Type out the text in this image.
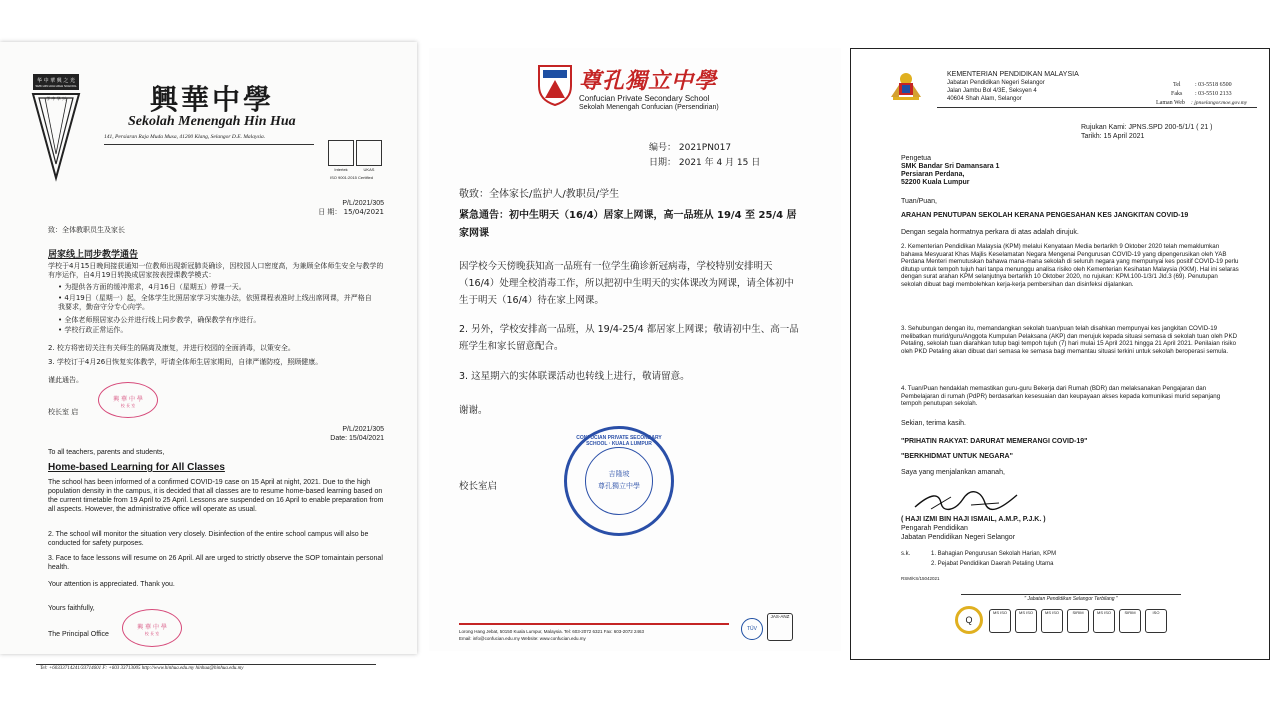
华 中 華 興 之 光
SMK HIN HUA HIGH SCHOOL
学 中 华 兴	興華中學
Sekolah Menengah Hin Hua
141, Persiaran Raja Muda Musa, 41200 Klang, Selangor D.E. Malaysia.
Intertek	UKAS
ISO 9001:2015 Certified
P/L/2021/305
日 期： 15/04/2021
致：全体教职员生及家长
居家线上同步教学通告
学校于4月15日晚间接获通知一位教师出现新冠肺炎确诊，因校园人口密度高，为兼顾全体师生安全与教学的有序运作，自4月19日转换成居家按表授课教学模式：
• 为提供各方面的缓冲需求，4月16日（星期五）停课一天。
• 4月19日（星期一）起，全体学生比照居家学习实施办法，依照课程表准时上线出席网课，并严格自我要求，勤奋守分专心向学。
• 全体老师照居家办公并进行线上同步教学，确保教学有序进行。
• 学校行政正常运作。
2. 校方将密切关注有关师生的隔离及康复，并进行校园的全面消毒，以策安全。
3. 学校订于4月26日恢复实体教学，吁请全体师生居家期间，自律严谨防疫，照顾健康。
谨此通告。
興 華 中 學
校 長 室
校长室 启
P/L/2021/305
Date: 15/04/2021
To all teachers, parents and students,
Home-based Learning for All Classes
The school has been informed of a confirmed COVID-19 case on 15 April at night, 2021. Due to the high population density in the campus, it is decided that all classes are to resume home-based learning based on the current timetable from 19 April to 25 April. Lessons are suspended on 16 April to enable preparation from all aspects. However, the administrative office will operate as usual.
2. The school will monitor the situation very closely. Disinfection of the entire school campus will also be conducted for safety purposes.
3. Face to face lessons will resume on 26 April. All are urged to strictly observe the SOP tomaintain personal health.
Your attention is appreciated. Thank you.
Yours faithfully,
興 華 中 學
校 長 室
The Principal Office
Tel: +60333714241/33714601 F: +603 33713005 http://www.hinhua.edu.my hinhua@hinhua.edu.my
尊孔獨立中學
Confucian Private Secondary School
Sekolah Menengah Confucian (Persendirian)
编号： 2021PN017
日期： 2021 年 4 月 15 日
敬致：全体家长/监护人/教职员/学生
紧急通告：初中生明天（16/4）居家上网课，高一品班从 19/4 至 25/4 居家网课
因学校今天傍晚获知高一品班有一位学生确诊新冠病毒，学校特别安排明天（16/4）处理全校消毒工作，所以把初中生明天的实体课改为网课，请全体初中生于明天（16/4）待在家上网课。
2. 另外，学校安排高一品班，从 19/4-25/4 都居家上网课；敬请初中生、高一品班学生和家长留意配合。
3. 这星期六的实体联课活动也转线上进行，敬请留意。
谢谢。
CONFUCIAN PRIVATE SECONDARY SCHOOL · KUALA LUMPUR
吉隆坡
尊孔獨立中學
校长室启
Lorong Hang Jebat, 50150 Kuala Lumpur, Malaysia. Tel: 603-2072 6321 Fax: 603-2072 2463
Email: info@confucian.edu.my Website: www.confucian.edu.my
TÜV
JAS-ANZ
KEMENTERIAN PENDIDIKAN MALAYSIA
Jabatan Pendidikan Negeri Selangor
Jalan Jambu Bol 4/3E, Seksyen 4
40604 Shah Alam, Selangor
Tel : 03-5518 6500
Faks : 03-5510 2133
Laman Web : jpnselangor.moe.gov.my
Rujukan Kami: JPNS.SPD 200-5/1/1 ( 21 )
Tarikh: 15 April 2021
Pengetua
SMK Bandar Sri Damansara 1
Persiaran Perdana,
52200 Kuala Lumpur
Tuan/Puan,
ARAHAN PENUTUPAN SEKOLAH KERANA PENGESAHAN KES JANGKITAN COVID-19
Dengan segala hormatnya perkara di atas adalah dirujuk.
2. Kementerian Pendidikan Malaysia (KPM) melalui Kenyataan Media bertarikh 9 Oktober 2020 telah memaklumkan bahawa Mesyuarat Khas Majlis Keselamatan Negara Mengenai Pengurusan COVID-19 yang dipengerusikan oleh YAB Perdana Menteri memutuskan bahawa mana-mana sekolah di seluruh negara yang mempunyai kes positif COVID-19 perlu ditutup untuk tempoh tujuh hari tanpa menunggu analisa risiko oleh Kementerian Kesihatan Malaysia (KKM). Hal ini selaras dengan surat arahan KPM selanjutnya bertarikh 10 Oktober 2020, no rujukan: KPM.100-1/3/1 Jld.3 (69). Penutupan sekolah dibuat bagi membolehkan kerja-kerja pembersihan dan disinfeksi dijalankan.
3. Sehubungan dengan itu, memandangkan sekolah tuan/puan telah disahkan mempunyai kes jangkitan COVID-19 melibatkan murid/guru/Anggota Kumpulan Pelaksana (AKP) dan merujuk kepada situasi semasa di sekolah tuan oleh PKD Petaling, sekolah tuan diarahkan tutup bagi tempoh tujuh (7) hari mulai 15 April 2021 hingga 21 April 2021. Penilaian risiko oleh PKD Petaling akan dibuat dari semasa ke semasa bagi memantau situasi terkini untuk sekolah beroperasi semula.
4. Tuan/Puan hendaklah memastikan guru-guru Bekerja dari Rumah (BDR) dan melaksanakan Pengajaran dan Pembelajaran di rumah (PdPR) berdasarkan kesesuaian dan keupayaan akses kepada komunikasi murid sepanjang tempoh penutupan sekolah.
Sekian, terima kasih.
"PRIHATIN RAKYAT: DARURAT MEMERANGI COVID-19"
"BERKHIDMAT UNTUK NEGARA"
Saya yang menjalankan amanah,
( HAJI IZMI BIN HAJI ISMAIL, A.M.P., P.J.K. )
Pengarah Pendidikan
Jabatan Pendidikan Negeri Selangor
s.k.	1. Bahagian Pengurusan Sekolah Harian, KPM
2. Pejabat Pendidikan Daerah Petaling Utama
RSM/KS/15042021
" Jabatan Pendidikan Selangor Terbilang "
Q
MS ISO	MS ISO	MS ISO	SIRIM	MS ISO	SIRIM	ISO
